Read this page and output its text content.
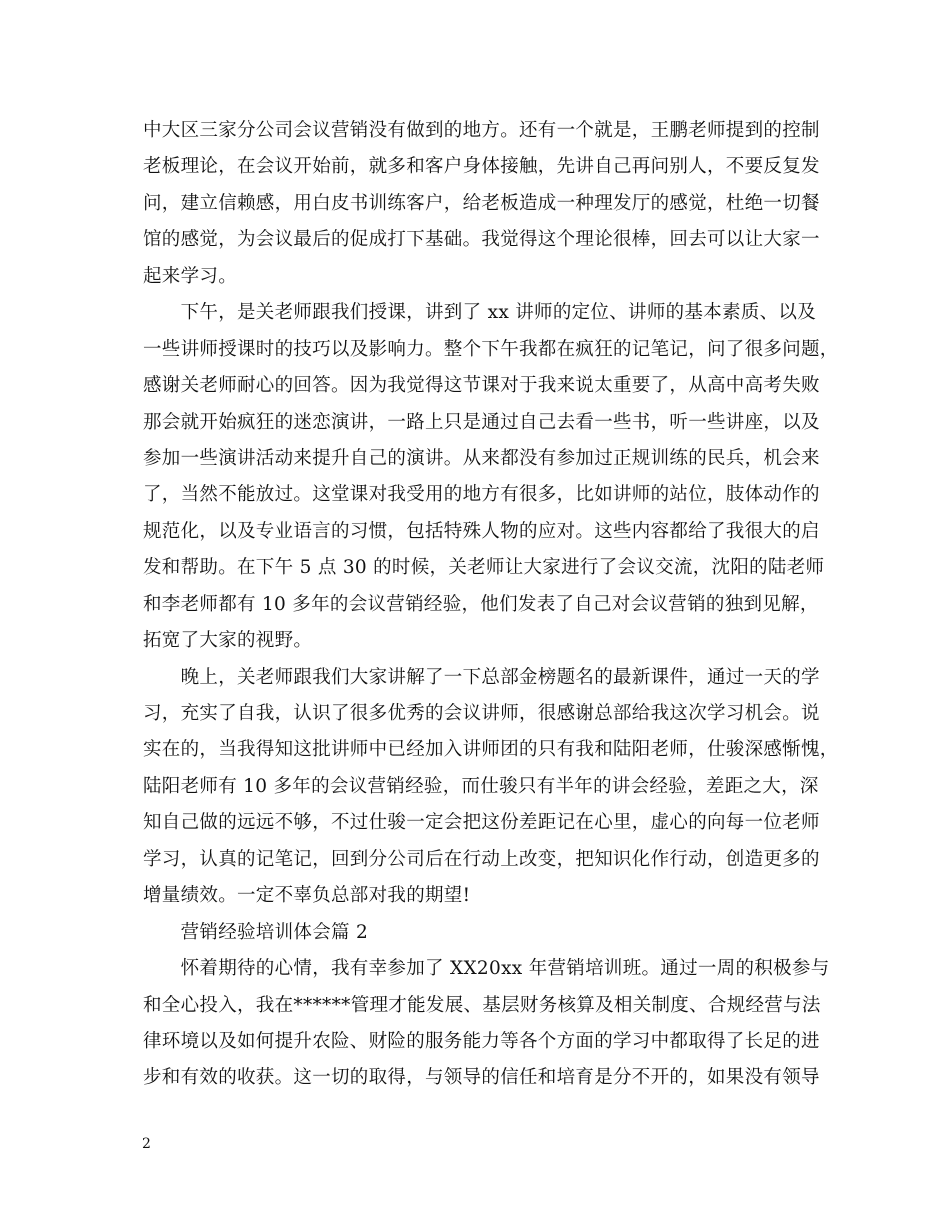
中大区三家分公司会议营销没有做到的地方。还有一个就是，王鹏老师提到的控制
老板理论，在会议开始前，就多和客户身体接触，先讲自己再问别人，不要反复发
问，建立信赖感，用白皮书训练客户，给老板造成一种理发厅的感觉，杜绝一切餐
馆的感觉，为会议最后的促成打下基础。我觉得这个理论很棒，回去可以让大家一
起来学习。
　　下午，是关老师跟我们授课，讲到了 xx 讲师的定位、讲师的基本素质、以及
一些讲师授课时的技巧以及影响力。整个下午我都在疯狂的记笔记，问了很多问题，
感谢关老师耐心的回答。因为我觉得这节课对于我来说太重要了，从高中高考失败
那会就开始疯狂的迷恋演讲，一路上只是通过自己去看一些书，听一些讲座，以及
参加一些演讲活动来提升自己的演讲。从来都没有参加过正规训练的民兵，机会来
了，当然不能放过。这堂课对我受用的地方有很多，比如讲师的站位，肢体动作的
规范化，以及专业语言的习惯，包括特殊人物的应对。这些内容都给了我很大的启
发和帮助。在下午 5 点 30 的时候，关老师让大家进行了会议交流，沈阳的陆老师
和李老师都有 10 多年的会议营销经验，他们发表了自己对会议营销的独到见解，
拓宽了大家的视野。
　　晚上，关老师跟我们大家讲解了一下总部金榜题名的最新课件，通过一天的学
习，充实了自我，认识了很多优秀的会议讲师，很感谢总部给我这次学习机会。说
实在的，当我得知这批讲师中已经加入讲师团的只有我和陆阳老师，仕骏深感惭愧，
陆阳老师有 10 多年的会议营销经验，而仕骏只有半年的讲会经验，差距之大，深
知自己做的远远不够，不过仕骏一定会把这份差距记在心里，虚心的向每一位老师
学习，认真的记笔记，回到分公司后在行动上改变，把知识化作行动，创造更多的
增量绩效。一定不辜负总部对我的期望!
　　营销经验培训体会篇 2
　　怀着期待的心情，我有幸参加了 XX20xx 年营销培训班。通过一周的积极参与
和全心投入，我在******管理才能发展、基层财务核算及相关制度、合规经营与法
律环境以及如何提升农险、财险的服务能力等各个方面的学习中都取得了长足的进
步和有效的收获。这一切的取得，与领导的信任和培育是分不开的，如果没有领导
2
